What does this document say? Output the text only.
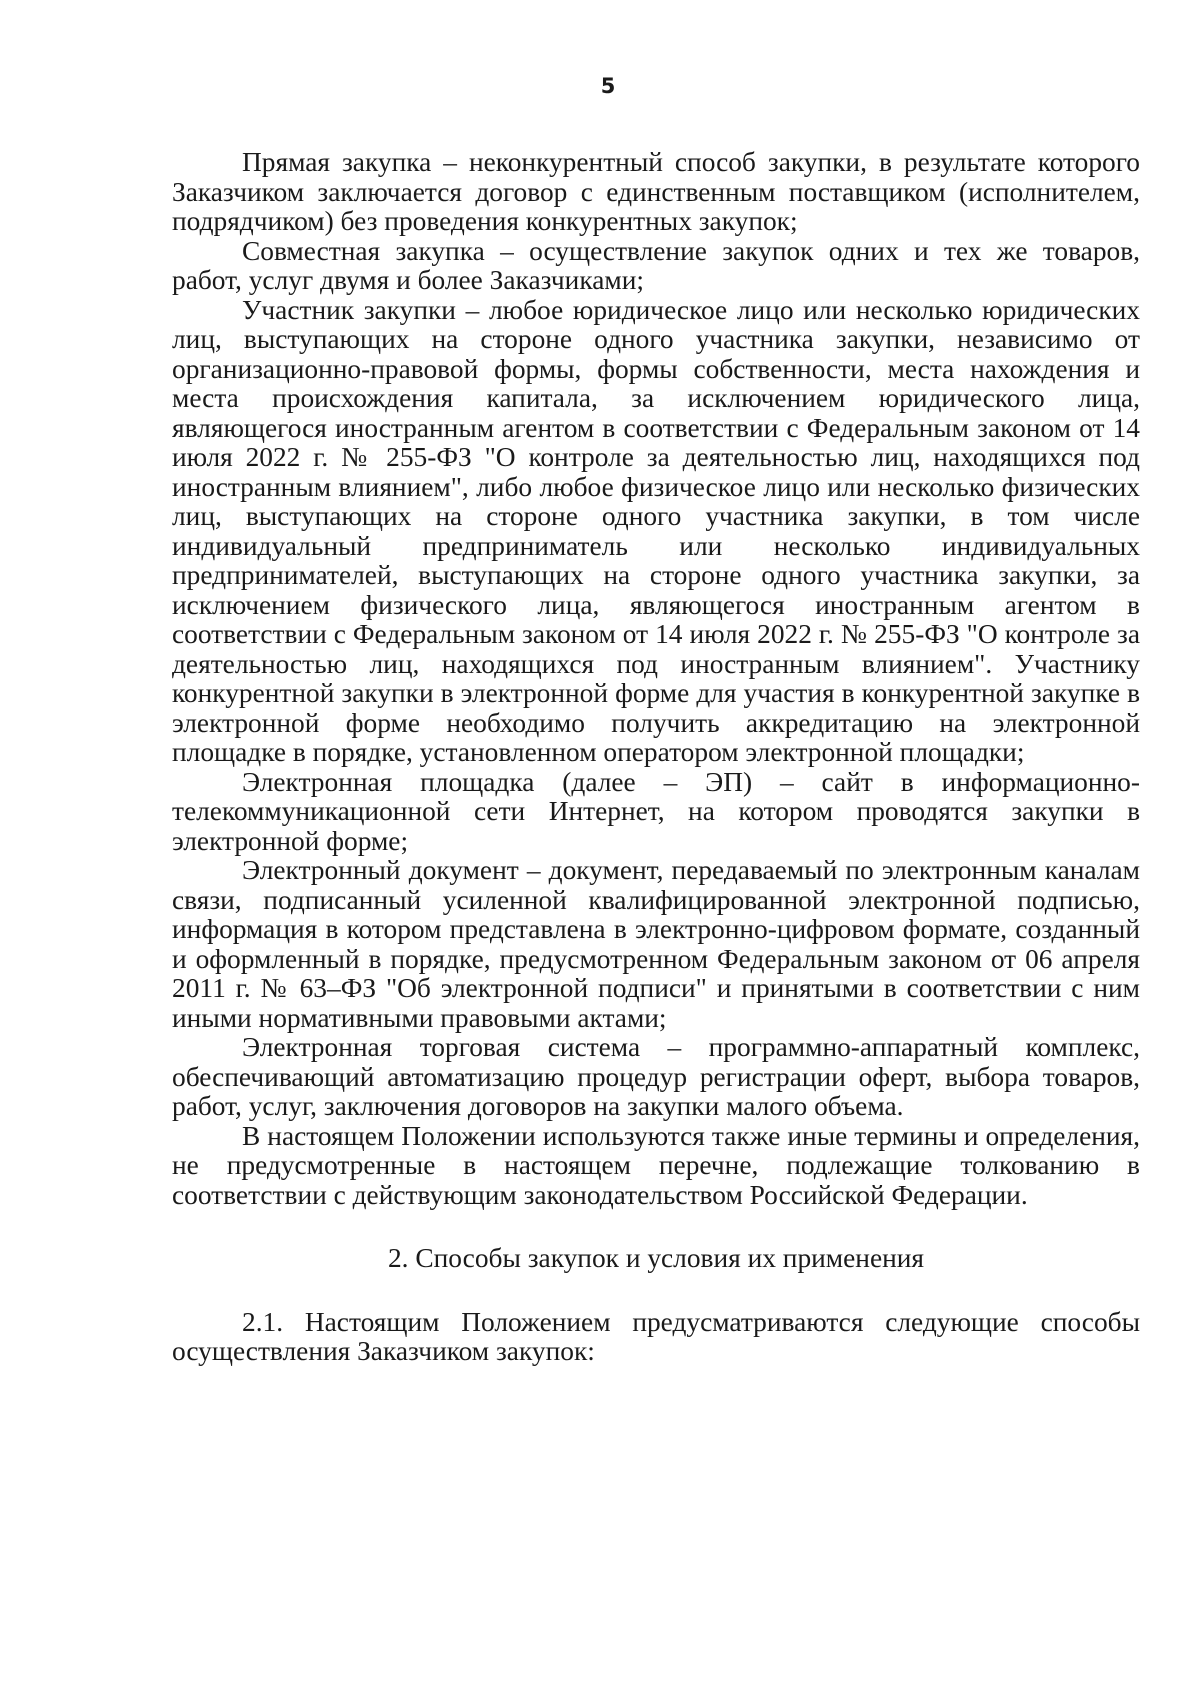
5

Прямая закупка – неконкурентный способ закупки, в результате которого Заказчиком заключается договор с единственным поставщиком (исполнителем, подрядчиком) без проведения конкурентных закупок;

Совместная закупка – осуществление закупок одних и тех же товаров, работ, услуг двумя и более Заказчиками;

Участник закупки – любое юридическое лицо или несколько юридических лиц, выступающих на стороне одного участника закупки, независимо от организационно-правовой формы, формы собственности, места нахождения и места происхождения капитала, за исключением юридического лица, являющегося иностранным агентом в соответствии с Федеральным законом от 14 июля 2022 г. № 255-ФЗ "О контроле за деятельностью лиц, находящихся под иностранным влиянием", либо любое физическое лицо или несколько физических лиц, выступающих на стороне одного участника закупки, в том числе индивидуальный предприниматель или несколько индивидуальных предпринимателей, выступающих на стороне одного участника закупки, за исключением физического лица, являющегося иностранным агентом в соответствии с Федеральным законом от 14 июля 2022 г. № 255-ФЗ "О контроле за деятельностью лиц, находящихся под иностранным влиянием". Участнику конкурентной закупки в электронной форме для участия в конкурентной закупке в электронной форме необходимо получить аккредитацию на электронной площадке в порядке, установленном оператором электронной площадки;

Электронная площадка (далее – ЭП) – сайт в информационно-телекоммуникационной сети Интернет, на котором проводятся закупки в электронной форме;

Электронный документ – документ, передаваемый по электронным каналам связи, подписанный усиленной квалифицированной электронной подписью, информация в котором представлена в электронно-цифровом формате, созданный и оформленный в порядке, предусмотренном Федеральным законом от 06 апреля 2011 г. № 63–ФЗ "Об электронной подписи" и принятыми в соответствии с ним иными нормативными правовыми актами;

Электронная торговая система – программно-аппаратный комплекс, обеспечивающий автоматизацию процедур регистрации оферт, выбора товаров, работ, услуг, заключения договоров на закупки малого объема.

В настоящем Положении используются также иные термины и определения, не предусмотренные в настоящем перечне, подлежащие толкованию в соответствии с действующим законодательством Российской Федерации.

2. Способы закупок и условия их применения

2.1. Настоящим Положением предусматриваются следующие способы осуществления Заказчиком закупок:
